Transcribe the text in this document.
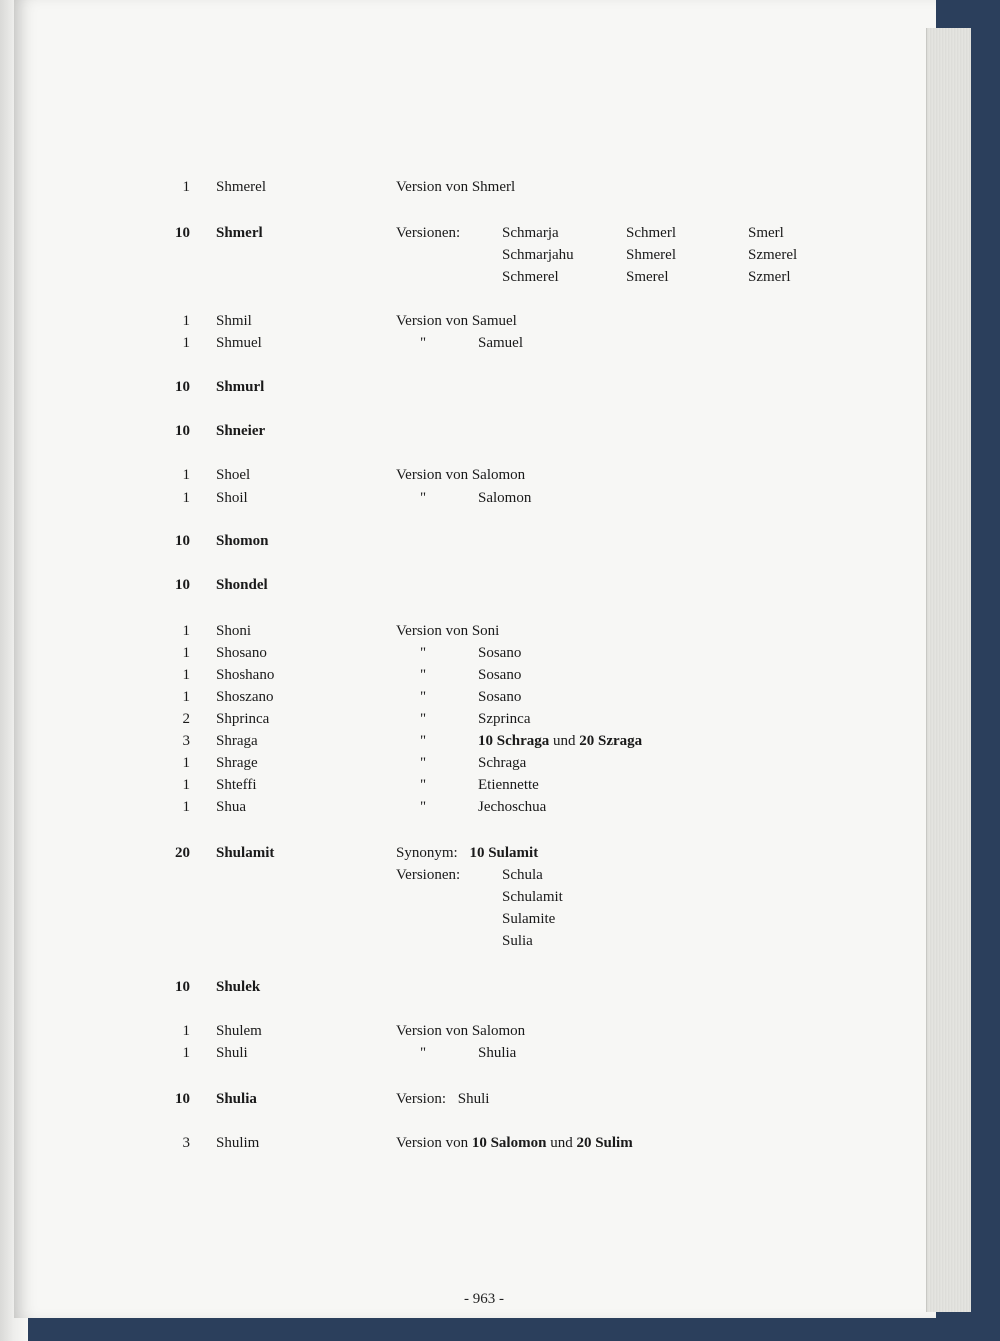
1 Shmerel	Version von Shmerl
10 Shmerl	Versionen:	Schmarja	Schmerl	Smerl
Schmarjahu	Shmerel	Szmerel
Schmerel	Smerel	Szmerl
1 Shmil	Version von Samuel
1 Shmuel	"	Samuel
10 Shmurl
10 Shneier
1 Shoel	Version von Salomon
1 Shoil	"	Salomon
10 Shomon
10 Shondel
1 Shoni	Version von Soni
1 Shosano	"	Sosano
1 Shoshano	"	Sosano
1 Shoszano	"	Sosano
2 Shprinca	"	Szprinca
3 Shraga	"	10 Schraga und 20 Szraga
1 Shrage	"	Schraga
1 Shteffi	"	Etiennette
1 Shua	"	Jechoschua
20 Shulamit	Synonym: 10 Sulamit
Versionen:	Schula
Schulamit
Sulamite
Sulia
10 Shulek
1 Shulem	Version von Salomon
1 Shuli	"	Shulia
10 Shulia	Version: Shuli
3 Shulim	Version von 10 Salomon und 20 Sulim
- 963 -
